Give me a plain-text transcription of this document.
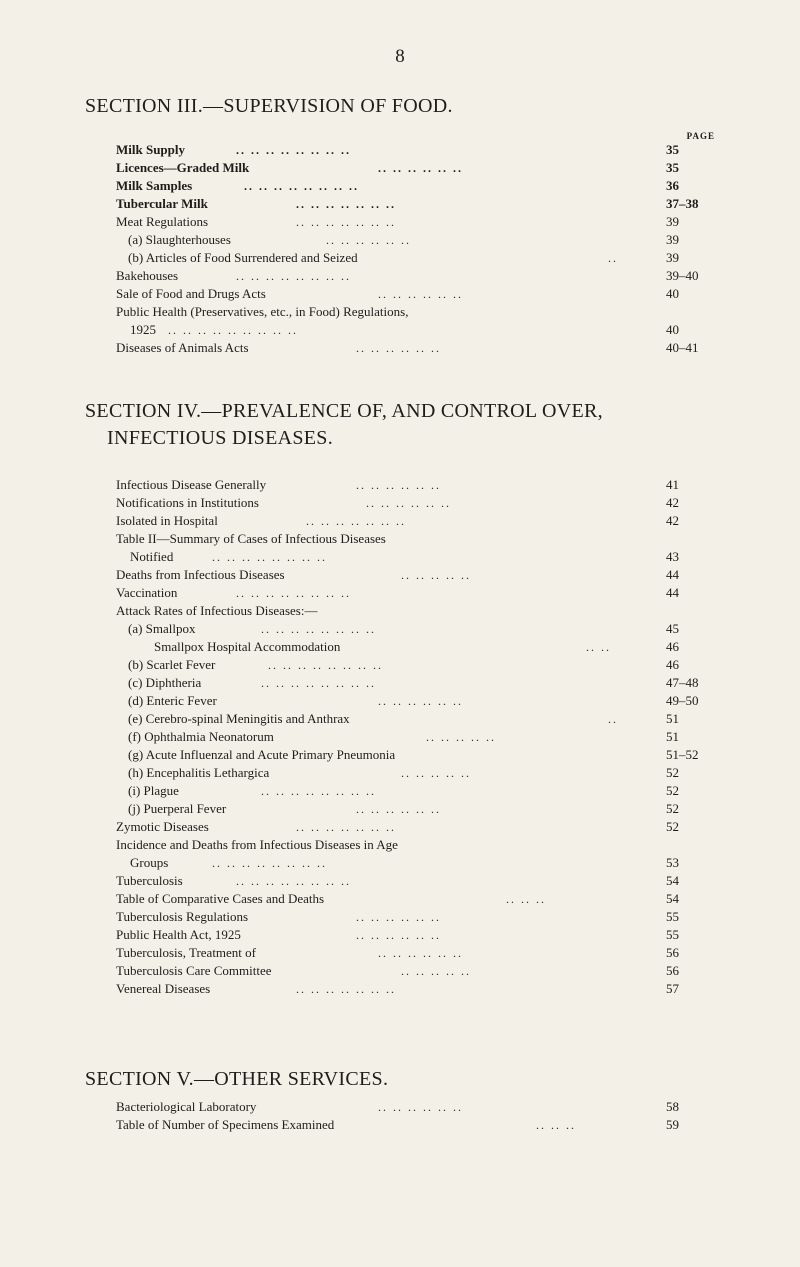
8
SECTION III.—SUPERVISION OF FOOD.
PAGE
Milk Supply	.. .. .. .. .. .. .. ..	35
Licences—Graded Milk	.. .. .. .. .. ..	35
Milk Samples	.. .. .. .. .. .. .. ..	36
Tubercular Milk	.. .. .. .. .. .. ..	37–38
Meat Regulations	.. .. .. .. .. .. ..	39
(a) Slaughterhouses	.. .. .. .. .. ..	39
(b) Articles of Food Surrendered and Seized	..	39
Bakehouses	.. .. .. .. .. .. .. ..	39–40
Sale of Food and Drugs Acts	.. .. .. .. .. ..	40
Public Health (Preservatives, etc., in Food) Regulations,
1925 .. .. .. .. .. .. .. .. ..	40
Diseases of Animals Acts	.. .. .. .. .. ..	40–41
SECTION IV.—PREVALENCE OF, AND CONTROL OVER,
INFECTIOUS DISEASES.
Infectious Disease Generally	.. .. .. .. .. ..	41
Notifications in Institutions	.. .. .. .. .. ..	42
Isolated in Hospital	.. .. .. .. .. .. ..	42
Table II—Summary of Cases of Infectious Diseases
Notified	.. .. .. .. .. .. .. ..	43
Deaths from Infectious Diseases	.. .. .. .. ..	44
Vaccination	.. .. .. .. .. .. .. ..	44
Attack Rates of Infectious Diseases:—
(a) Smallpox	.. .. .. .. .. .. .. ..	45
Smallpox Hospital Accommodation	.. ..	46
(b) Scarlet Fever	.. .. .. .. .. .. .. ..	46
(c) Diphtheria	.. .. .. .. .. .. .. ..	47–48
(d) Enteric Fever	.. .. .. .. .. ..	49–50
(e) Cerebro-spinal Meningitis and Anthrax	..	51
(f) Ophthalmia Neonatorum	.. .. .. .. ..	51
(g) Acute Influenzal and Acute Primary Pneumonia	51–52
(h) Encephalitis Lethargica	.. .. .. .. ..	52
(i) Plague	.. .. .. .. .. .. .. ..	52
(j) Puerperal Fever	.. .. .. .. .. ..	52
Zymotic Diseases	.. .. .. .. .. .. ..	52
Incidence and Deaths from Infectious Diseases in Age
Groups	.. .. .. .. .. .. .. ..	53
Tuberculosis	.. .. .. .. .. .. .. ..	54
Table of Comparative Cases and Deaths	.. .. ..	54
Tuberculosis Regulations	.. .. .. .. .. ..	55
Public Health Act, 1925	.. .. .. .. .. ..	55
Tuberculosis, Treatment of	.. .. .. .. .. ..	56
Tuberculosis Care Committee	.. .. .. .. ..	56
Venereal Diseases	.. .. .. .. .. .. ..	57
SECTION V.—OTHER SERVICES.
Bacteriological Laboratory	.. .. .. .. .. ..	58
Table of Number of Specimens Examined	.. .. ..	59
